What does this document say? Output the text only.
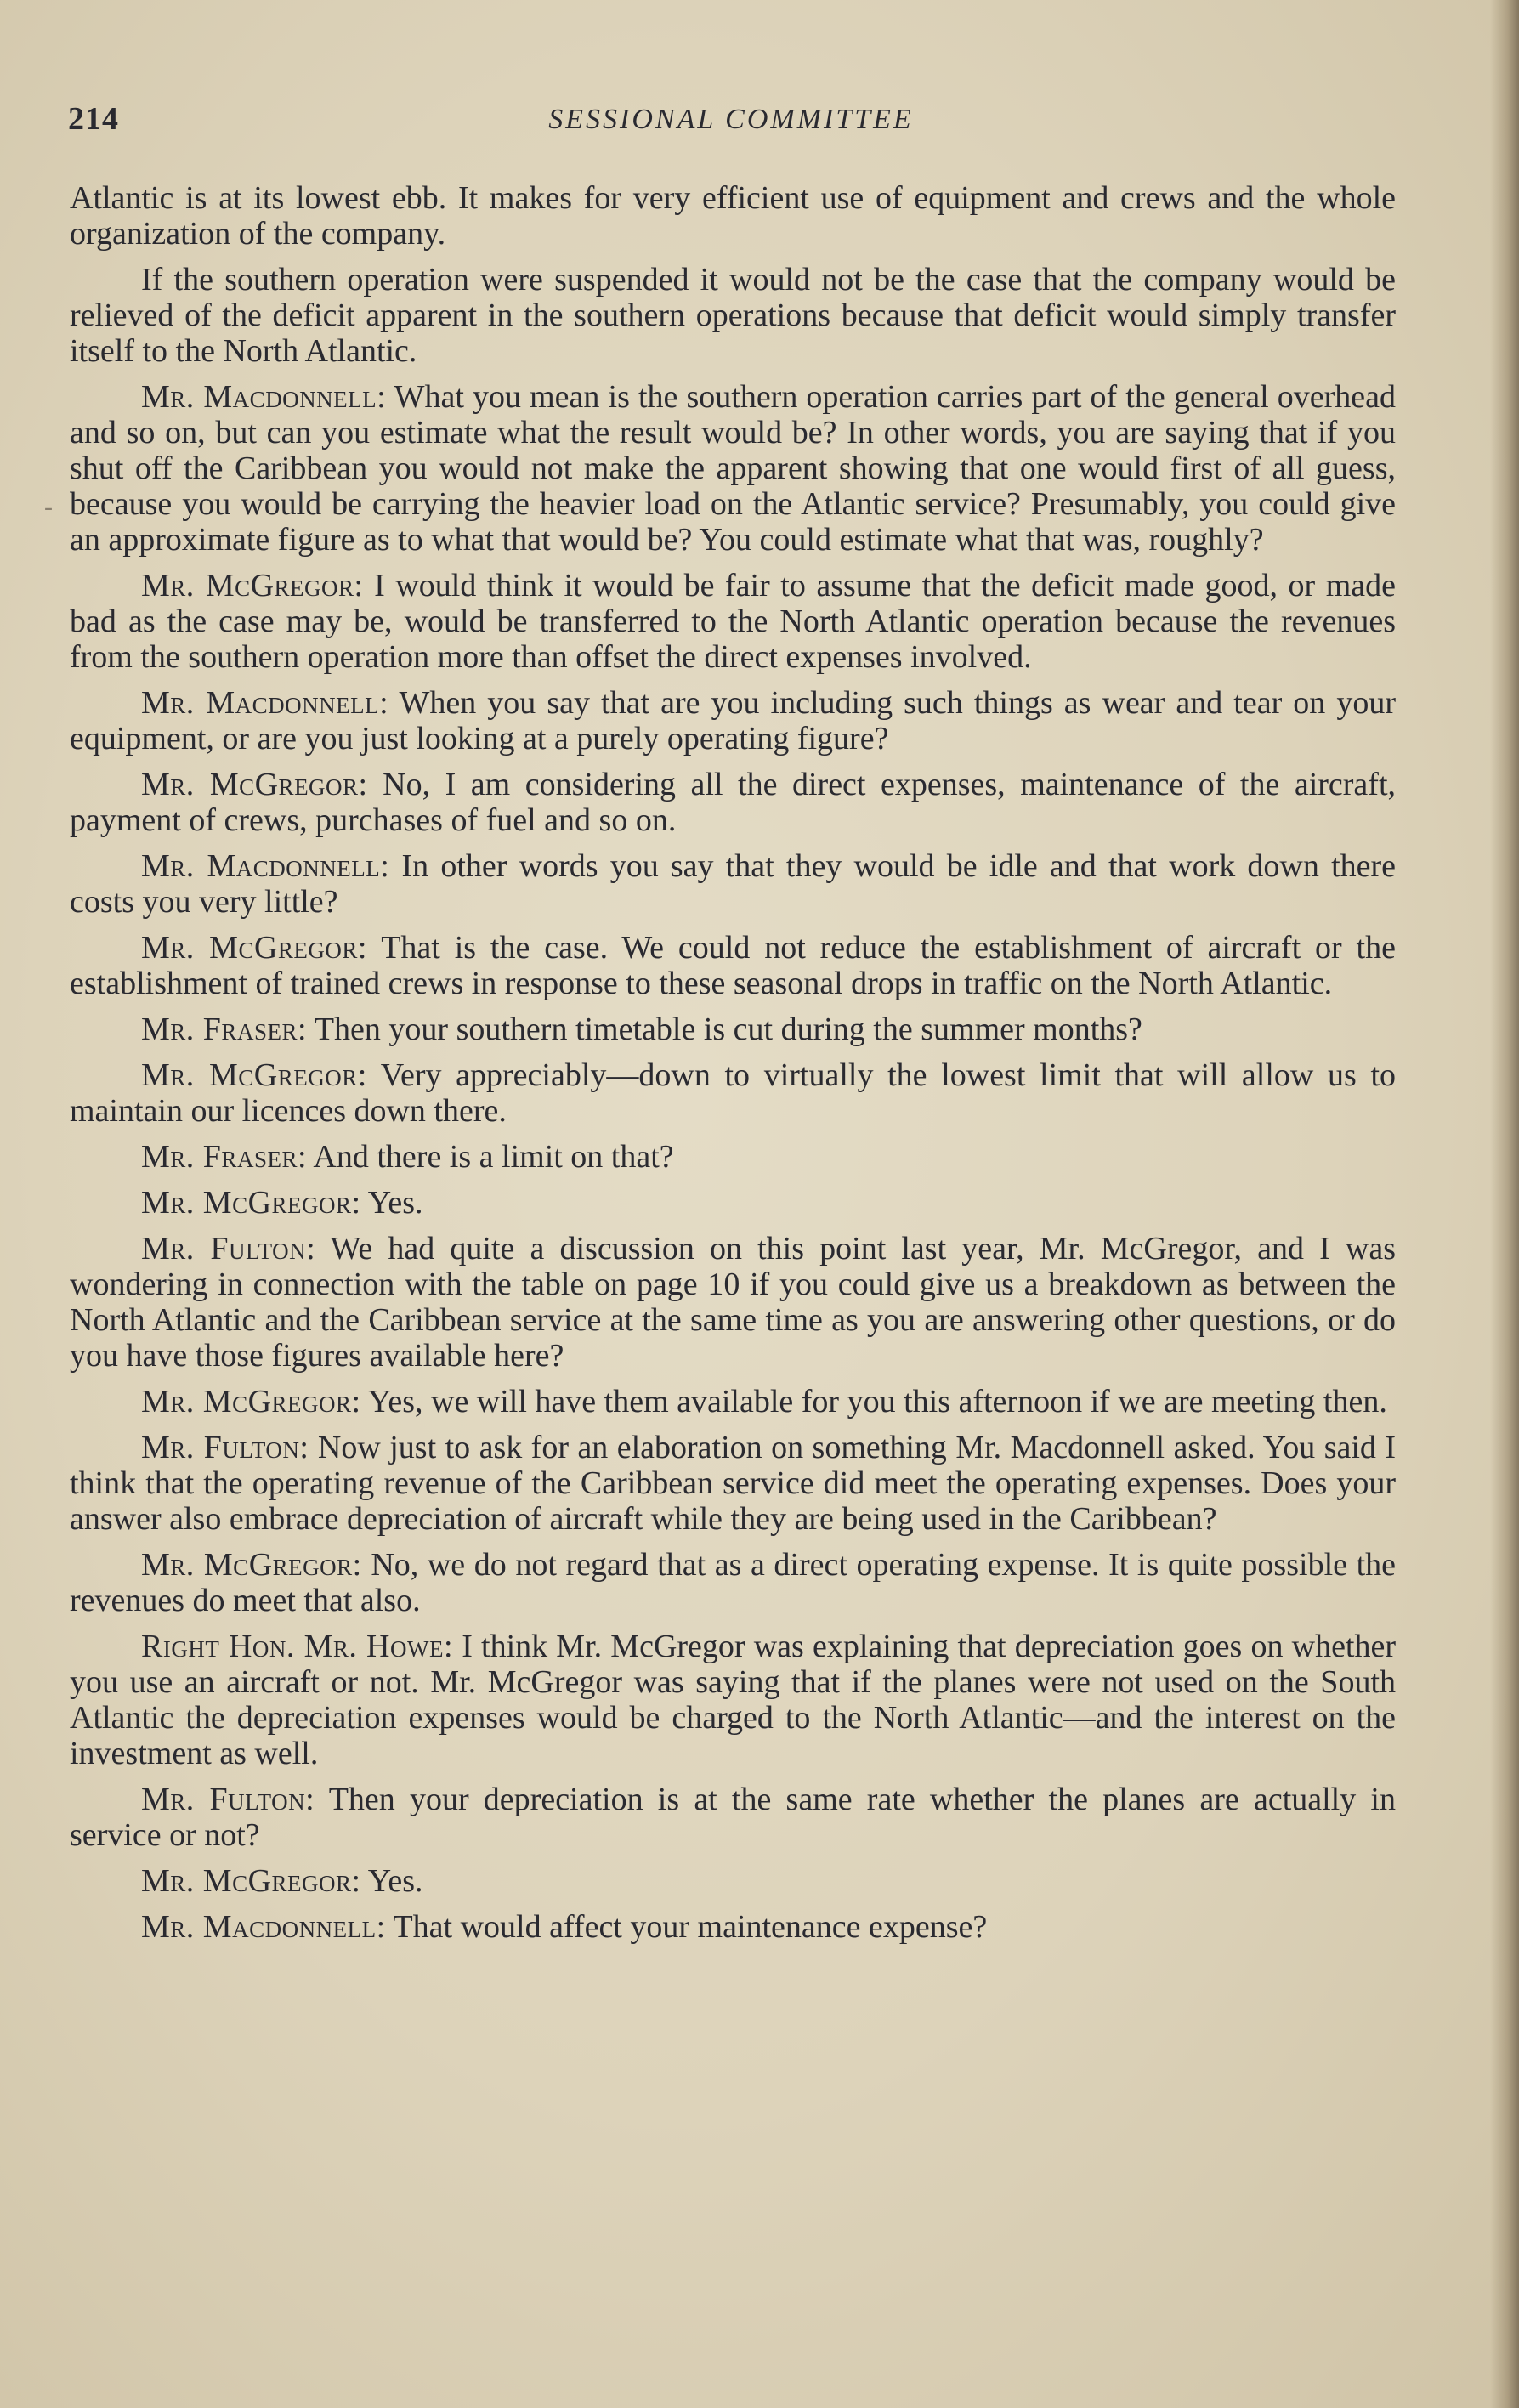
214	SESSIONAL COMMITTEE
-

Atlantic is at its lowest ebb. It makes for very efficient use of equipment and crews and the whole organization of the company.

If the southern operation were suspended it would not be the case that the company would be relieved of the deficit apparent in the southern operations because that deficit would simply transfer itself to the North Atlantic.

Mr. Macdonnell: What you mean is the southern operation carries part of the general overhead and so on, but can you estimate what the result would be? In other words, you are saying that if you shut off the Caribbean you would not make the apparent showing that one would first of all guess, because you would be carrying the heavier load on the Atlantic service? Presumably, you could give an approximate figure as to what that would be? You could estimate what that was, roughly?

Mr. McGregor: I would think it would be fair to assume that the deficit made good, or made bad as the case may be, would be transferred to the North Atlantic operation because the revenues from the southern operation more than offset the direct expenses involved.

Mr. Macdonnell: When you say that are you including such things as wear and tear on your equipment, or are you just looking at a purely operating figure?

Mr. McGregor: No, I am considering all the direct expenses, maintenance of the aircraft, payment of crews, purchases of fuel and so on.

Mr. Macdonnell: In other words you say that they would be idle and that work down there costs you very little?

Mr. McGregor: That is the case. We could not reduce the establishment of aircraft or the establishment of trained crews in response to these seasonal drops in traffic on the North Atlantic.

Mr. Fraser: Then your southern timetable is cut during the summer months?

Mr. McGregor: Very appreciably—down to virtually the lowest limit that will allow us to maintain our licences down there.

Mr. Fraser: And there is a limit on that?

Mr. McGregor: Yes.

Mr. Fulton: We had quite a discussion on this point last year, Mr. McGregor, and I was wondering in connection with the table on page 10 if you could give us a breakdown as between the North Atlantic and the Caribbean service at the same time as you are answering other questions, or do you have those figures available here?

Mr. McGregor: Yes, we will have them available for you this afternoon if we are meeting then.

Mr. Fulton: Now just to ask for an elaboration on something Mr. Macdonnell asked. You said I think that the operating revenue of the Caribbean service did meet the operating expenses. Does your answer also embrace depreciation of aircraft while they are being used in the Caribbean?

Mr. McGregor: No, we do not regard that as a direct operating expense. It is quite possible the revenues do meet that also.

Right Hon. Mr. Howe: I think Mr. McGregor was explaining that depreciation goes on whether you use an aircraft or not. Mr. McGregor was saying that if the planes were not used on the South Atlantic the depreciation expenses would be charged to the North Atlantic—and the interest on the investment as well.

Mr. Fulton: Then your depreciation is at the same rate whether the planes are actually in service or not?

Mr. McGregor: Yes.

Mr. Macdonnell: That would affect your maintenance expense?
